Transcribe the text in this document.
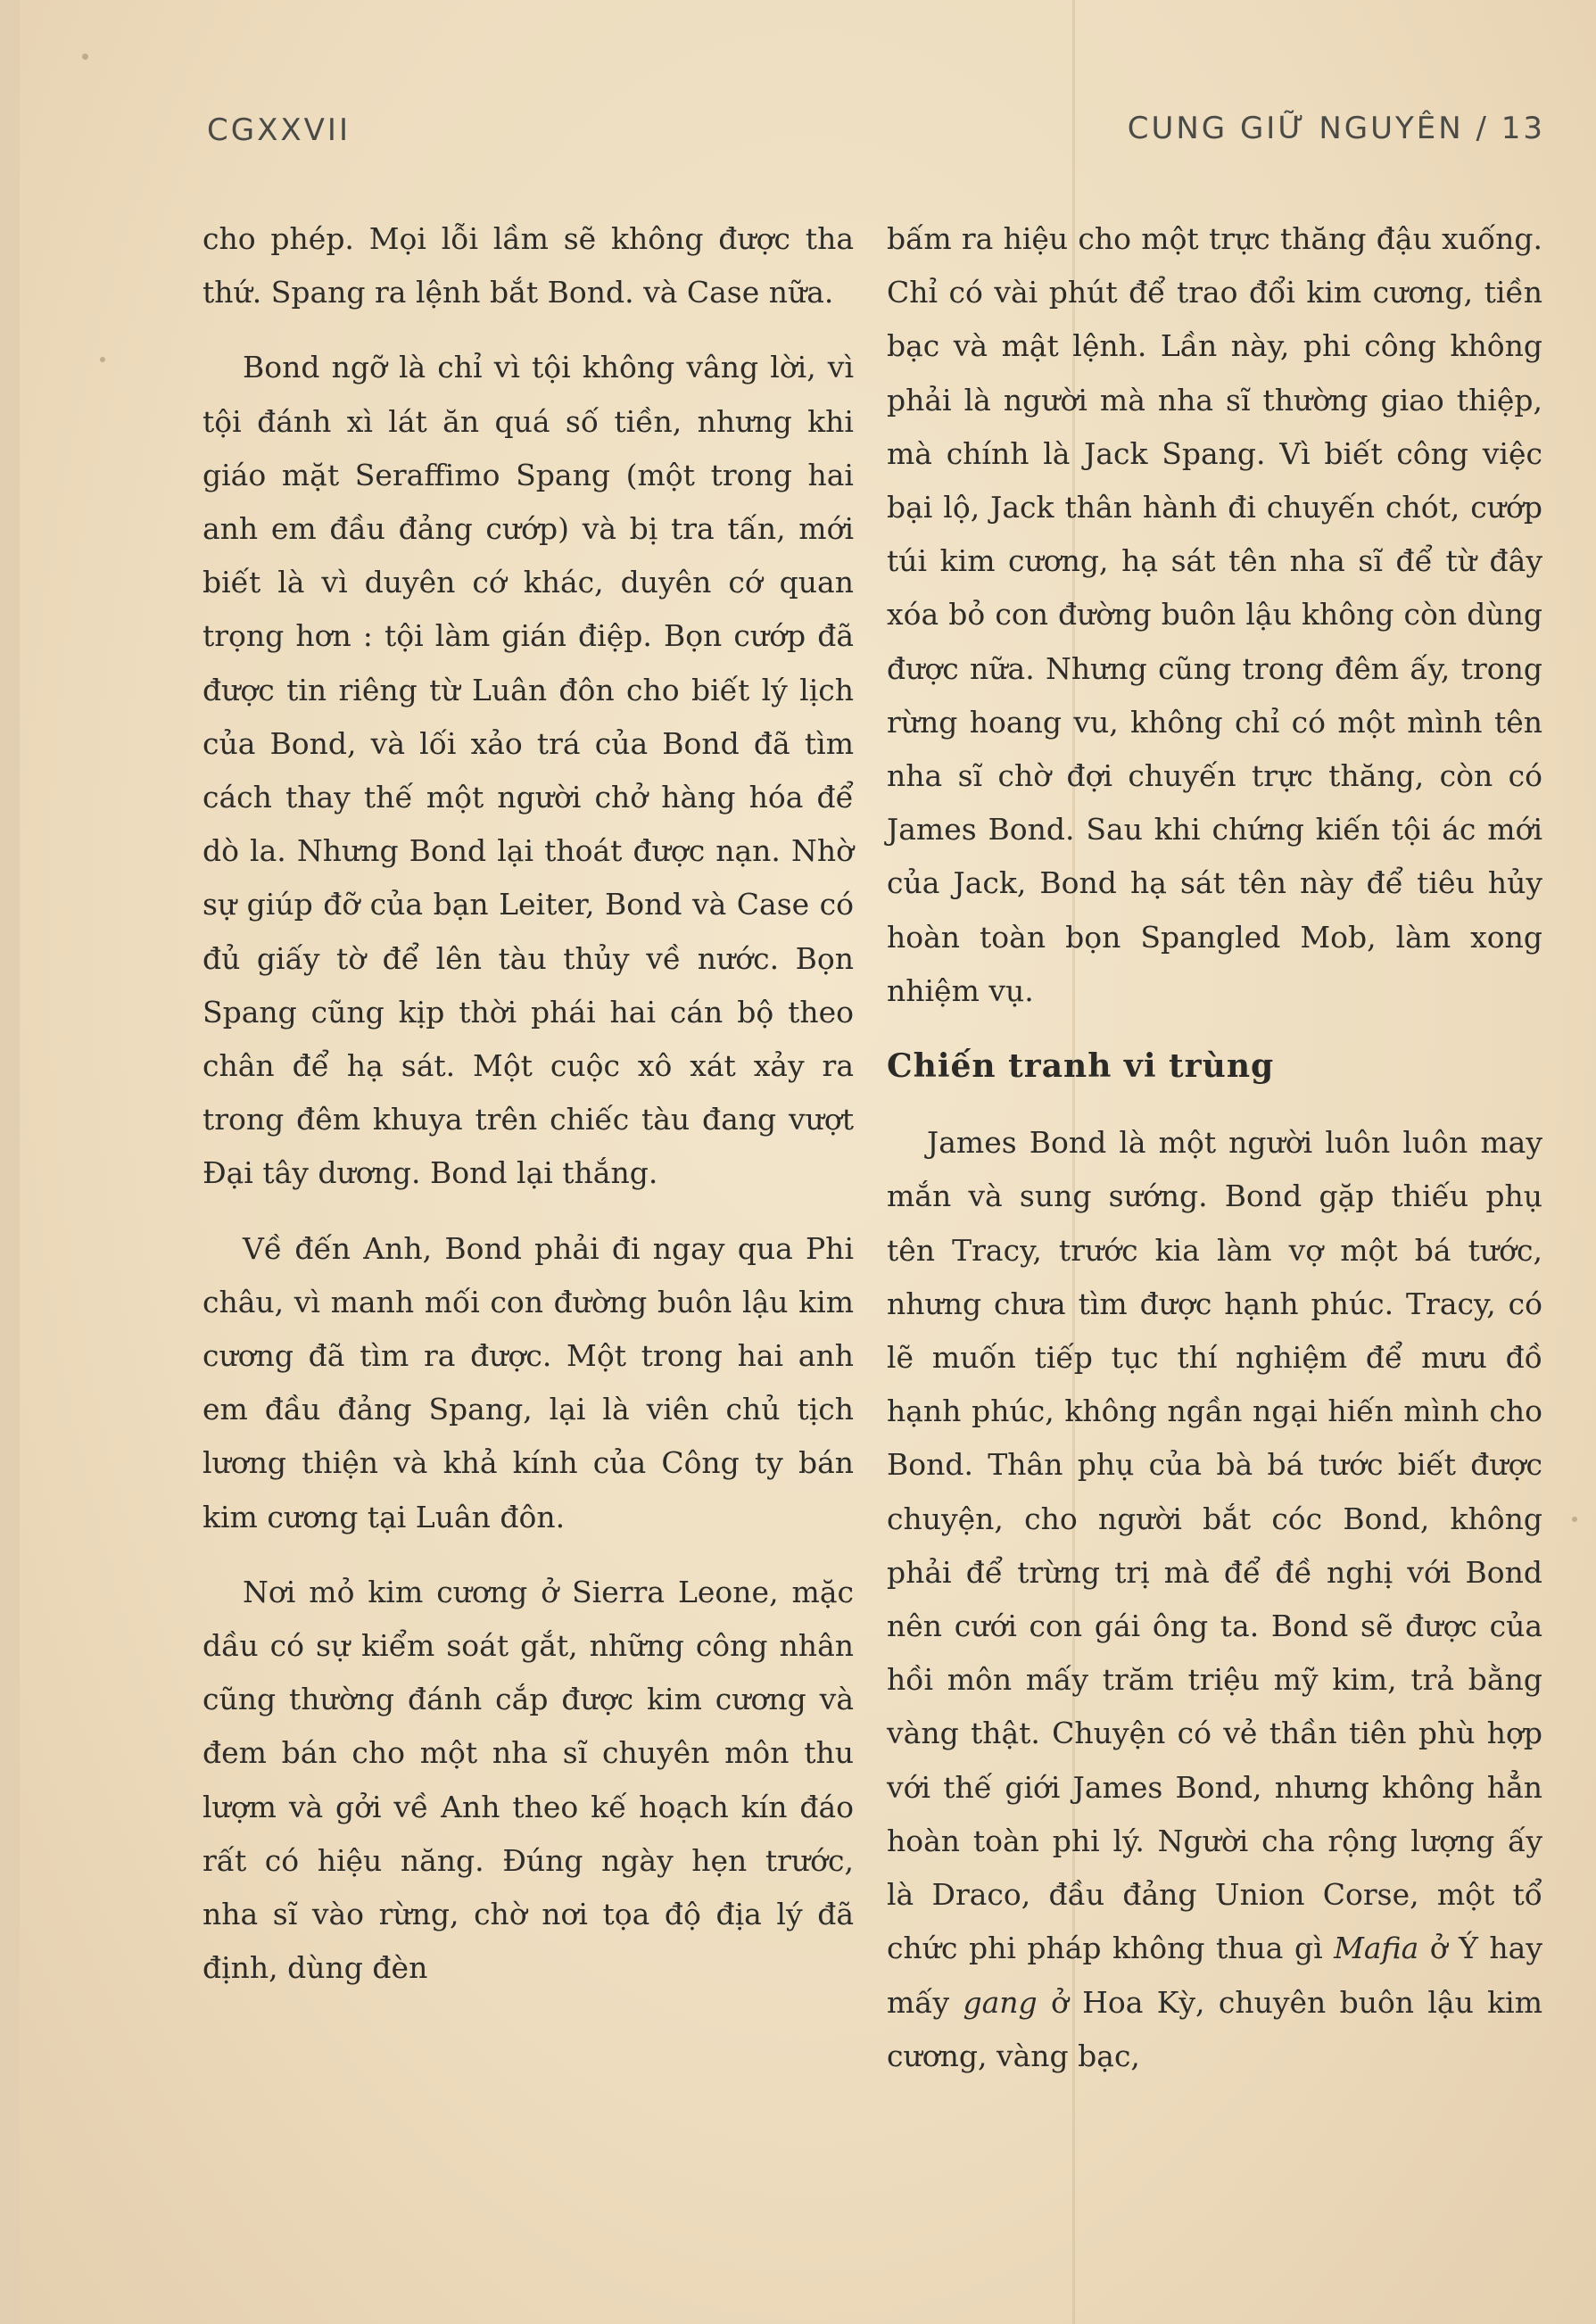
CGXXVII	CUNG GIỮ NGUYÊN / 13

cho phép. Mọi lỗi lầm sẽ không được tha thứ. Spang ra lệnh bắt Bond. và Case nữa.

Bond ngỡ là chỉ vì tội không vâng lời, vì tội đánh xì lát ăn quá số tiền, nhưng khi giáo mặt Seraffimo Spang (một trong hai anh em đầu đảng cướp) và bị tra tấn, mới biết là vì duyên cớ khác, duyên cớ quan trọng hơn : tội làm gián điệp. Bọn cướp đã được tin riêng từ Luân đôn cho biết lý lịch của Bond, và lối xảo trá của Bond đã tìm cách thay thế một người chở hàng hóa để dò la. Nhưng Bond lại thoát được nạn. Nhờ sự giúp đỡ của bạn Leiter, Bond và Case có đủ giấy tờ để lên tàu thủy về nước. Bọn Spang cũng kịp thời phái hai cán bộ theo chân để hạ sát. Một cuộc xô xát xảy ra trong đêm khuya trên chiếc tàu đang vượt Đại tây dương. Bond lại thắng.

Về đến Anh, Bond phải đi ngay qua Phi châu, vì manh mối con đường buôn lậu kim cương đã tìm ra được. Một trong hai anh em đầu đảng Spang, lại là viên chủ tịch lương thiện và khả kính của Công ty bán kim cương tại Luân đôn.

Nơi mỏ kim cương ở Sierra Leone, mặc dầu có sự kiểm soát gắt, những công nhân cũng thường đánh cắp được kim cương và đem bán cho một nha sĩ chuyên môn thu lượm và gởi về Anh theo kế hoạch kín đáo rất có hiệu năng. Đúng ngày hẹn trước, nha sĩ vào rừng, chờ nơi tọa độ địa lý đã định, dùng đèn

bấm ra hiệu cho một trực thăng đậu xuống. Chỉ có vài phút để trao đổi kim cương, tiền bạc và mật lệnh. Lần này, phi công không phải là người mà nha sĩ thường giao thiệp, mà chính là Jack Spang. Vì biết công việc bại lộ, Jack thân hành đi chuyến chót, cướp túi kim cương, hạ sát tên nha sĩ để từ đây xóa bỏ con đường buôn lậu không còn dùng được nữa. Nhưng cũng trong đêm ấy, trong rừng hoang vu, không chỉ có một mình tên nha sĩ chờ đợi chuyến trực thăng, còn có James Bond. Sau khi chứng kiến tội ác mới của Jack, Bond hạ sát tên này để tiêu hủy hoàn toàn bọn Spangled Mob, làm xong nhiệm vụ.

Chiến tranh vi trùng

James Bond là một người luôn luôn may mắn và sung sướng. Bond gặp thiếu phụ tên Tracy, trước kia làm vợ một bá tước, nhưng chưa tìm được hạnh phúc. Tracy, có lẽ muốn tiếp tục thí nghiệm để mưu đồ hạnh phúc, không ngần ngại hiến mình cho Bond. Thân phụ của bà bá tước biết được chuyện, cho người bắt cóc Bond, không phải để trừng trị mà để đề nghị với Bond nên cưới con gái ông ta. Bond sẽ được của hồi môn mấy trăm triệu mỹ kim, trả bằng vàng thật. Chuyện có vẻ thần tiên phù hợp với thế giới James Bond, nhưng không hẳn hoàn toàn phi lý. Người cha rộng lượng ấy là Draco, đầu đảng Union Corse, một tổ chức phi pháp không thua gì Mafia ở Ý hay mấy gang ở Hoa Kỳ, chuyên buôn lậu kim cương, vàng bạc,
